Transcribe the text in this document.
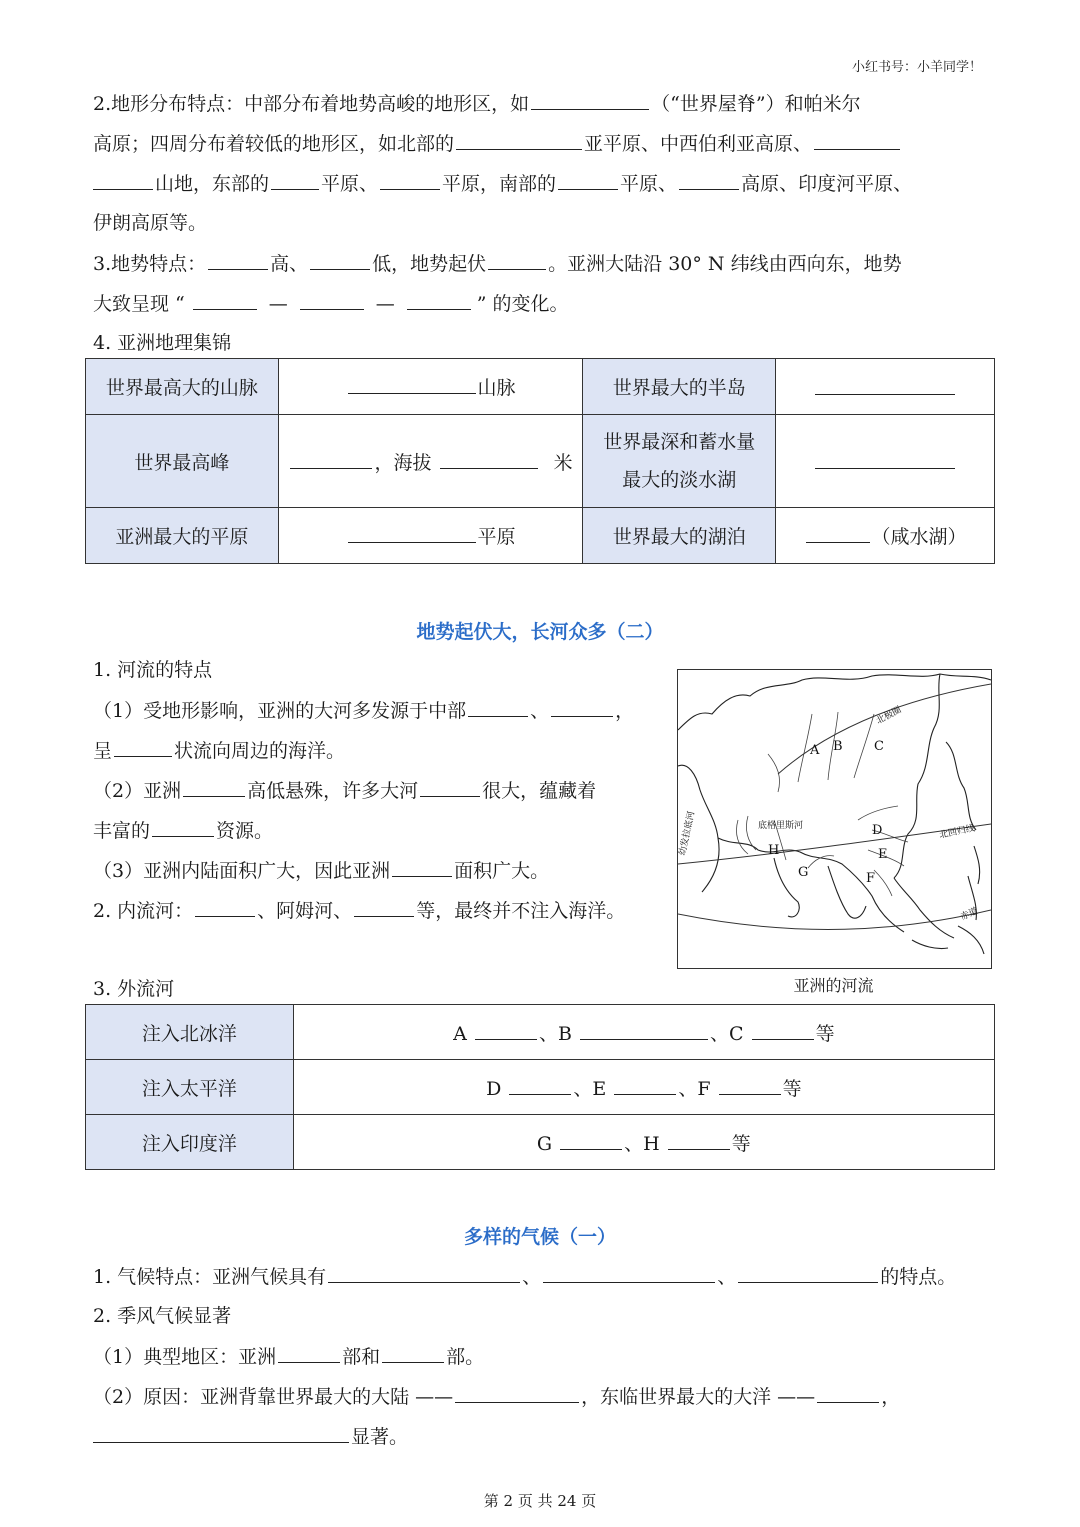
小红书号：小羊同学！
2.地形分布特点：中部分布着地势高峻的地形区，如	（“世界屋脊”）和帕米尔
高原；四周分布着较低的地形区，如北部的	亚平原、中西伯利亚高原、
山地，东部的	平原、	平原，南部的	平原、	高原、印度河平原、
伊朗高原等。
3.地势特点：	高、	低，地势起伏	。亚洲大陆沿 30° N 纬线由西向东，地势
大致呈现 “	—	—	” 的变化。
4. 亚洲地理集锦
世界最高大的山脉	山脉	世界最大的半岛	
世界最高峰	，海拔 米	世界最深和蓄水量
最大的淡水湖	
亚洲最大的平原	平原	世界最大的湖泊	（咸水湖）
地势起伏大，长河众多（二）
1. 河流的特点
（1）受地形影响，亚洲的大河多发源于中部	、	，
呈	状流向周边的海洋。
（2）亚洲	高低悬殊，许多大河	很大，蕴藏着
丰富的	资源。
（3）亚洲内陆面积广大，因此亚洲	面积广大。
2. 内流河：	、阿姆河、	等，最终并不注入海洋。
3. 外流河
A B C
D
E
F
G
H
北极圈
底格里斯河
幼发拉底河	北回归线
赤道
亚洲的河流
注入北冰洋	A 、B 、C 等
注入太平洋	D 、E 、F 等
注入印度洋	G 、H 等
多样的气候（一）
1. 气候特点：亚洲气候具有	、	、	的特点。
2. 季风气候显著
（1）典型地区：亚洲	部和	部。
（2）原因：亚洲背靠世界最大的大陆 ——	，东临世界最大的大洋 ——	，
显著。
第 2 页 共 24 页
